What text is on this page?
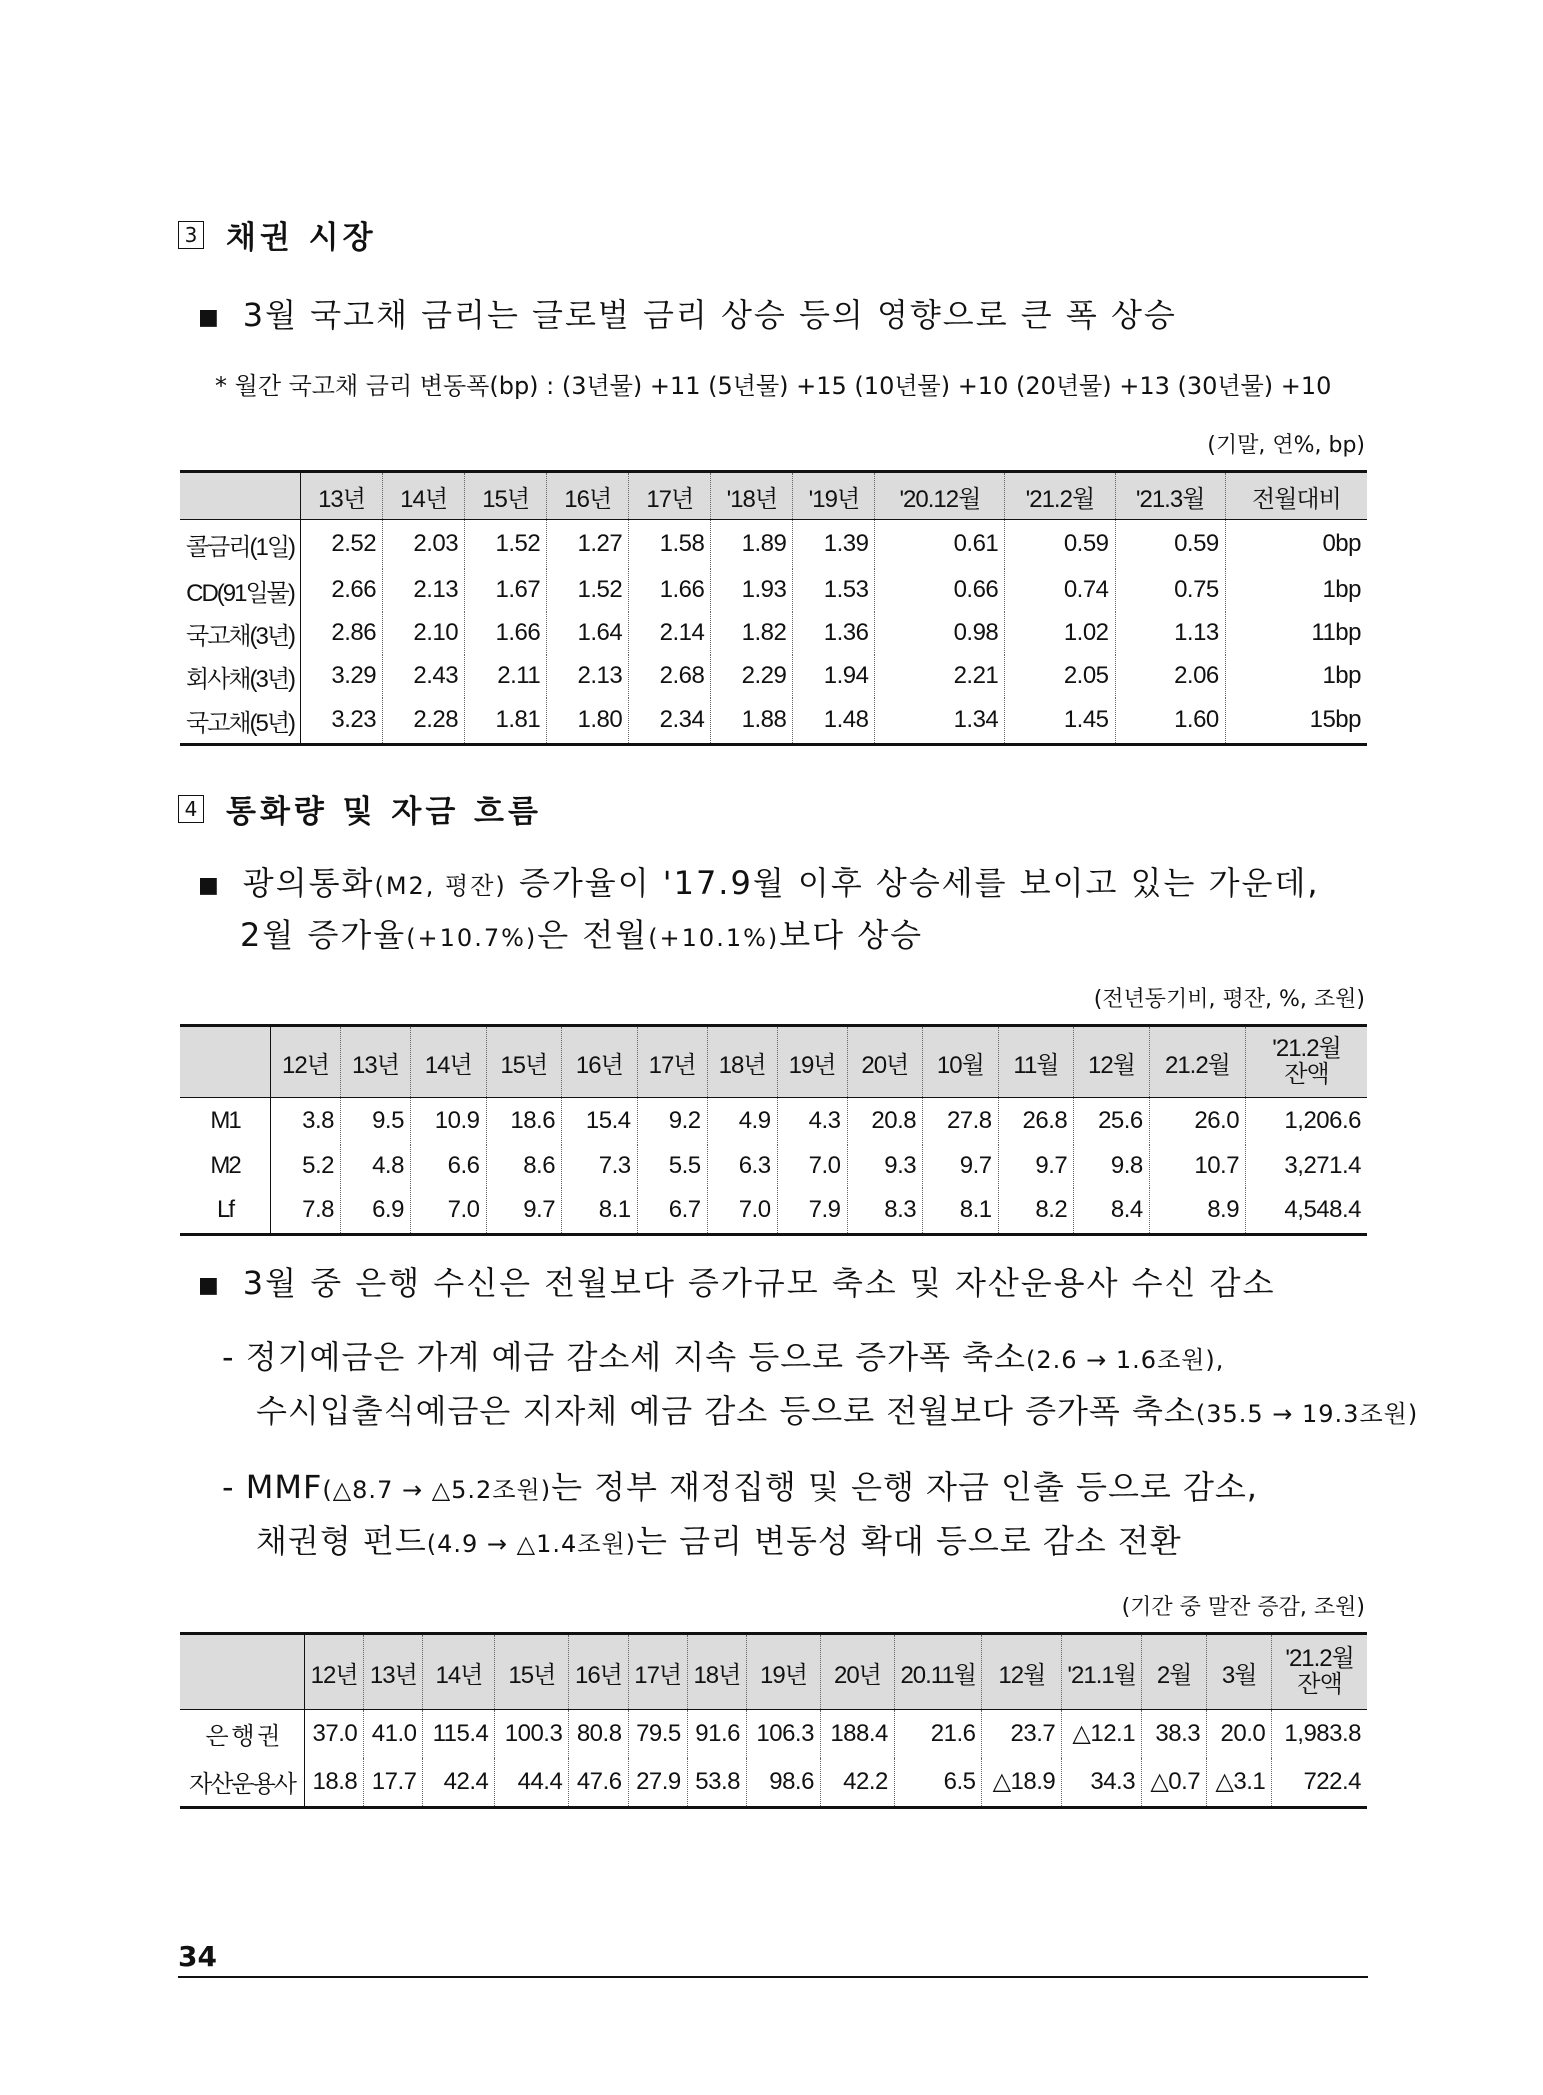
3 채권 시장
■ 3월 국고채 금리는 글로벌 금리 상승 등의 영향으로 큰 폭 상승
* 월간 국고채 금리 변동폭(bp) : (3년물) +11 (5년물) +15 (10년물) +10 (20년물) +13 (30년물) +10
(기말, 연%, bp)
	13년	14년	15년	16년	17년	'18년	'19년	'20.12월	'21.2월	'21.3월	전월대비
콜금리(1일)	2.52	2.03	1.52	1.27	1.58	1.89	1.39	0.61	0.59	0.59	0bp
CD(91일물)	2.66	2.13	1.67	1.52	1.66	1.93	1.53	0.66	0.74	0.75	1bp
국고채(3년)	2.86	2.10	1.66	1.64	2.14	1.82	1.36	0.98	1.02	1.13	11bp
회사채(3년)	3.29	2.43	2.11	2.13	2.68	2.29	1.94	2.21	2.05	2.06	1bp
국고채(5년)	3.23	2.28	1.81	1.80	2.34	1.88	1.48	1.34	1.45	1.60	15bp
4 통화량 및 자금 흐름
■ 광의통화(M2, 평잔) 증가율이 '17.9월 이후 상승세를 보이고 있는 가운데,
2월 증가율(+10.7%)은 전월(+10.1%)보다 상승
(전년동기비, 평잔, %, 조원)
	12년	13년	14년	15년	16년	17년	18년	19년	20년	10월	11월	12월	21.2월	'21.2월
잔액

M1	3.8	9.5	10.9	18.6	15.4	9.2	4.9	4.3	20.8	27.8	26.8	25.6	26.0	1,206.6
M2	5.2	4.8	6.6	8.6	7.3	5.5	6.3	7.0	9.3	9.7	9.7	9.8	10.7	3,271.4
Lf	7.8	6.9	7.0	9.7	8.1	6.7	7.0	7.9	8.3	8.1	8.2	8.4	8.9	4,548.4
■ 3월 중 은행 수신은 전월보다 증가규모 축소 및 자산운용사 수신 감소
- 정기예금은 가계 예금 감소세 지속 등으로 증가폭 축소(2.6 → 1.6조원),
수시입출식예금은 지자체 예금 감소 등으로 전월보다 증가폭 축소(35.5 → 19.3조원)
- MMF(△8.7 → △5.2조원)는 정부 재정집행 및 은행 자금 인출 등으로 감소,
채권형 펀드(4.9 → △1.4조원)는 금리 변동성 확대 등으로 감소 전환
(기간 중 말잔 증감, 조원)
	12년	13년	14년	15년	16년	17년	18년	19년	20년	20.11월	12월	'21.1월	2월	3월	'21.2월
잔액

은 행 권	37.0	41.0	115.4	100.3	80.8	79.5	91.6	106.3	188.4	21.6	23.7	△12.1	38.3	20.0	1,983.8
자산운용사	18.8	17.7	42.4	44.4	47.6	27.9	53.8	98.6	42.2	6.5	△18.9	34.3	△0.7	△3.1	722.4
34
